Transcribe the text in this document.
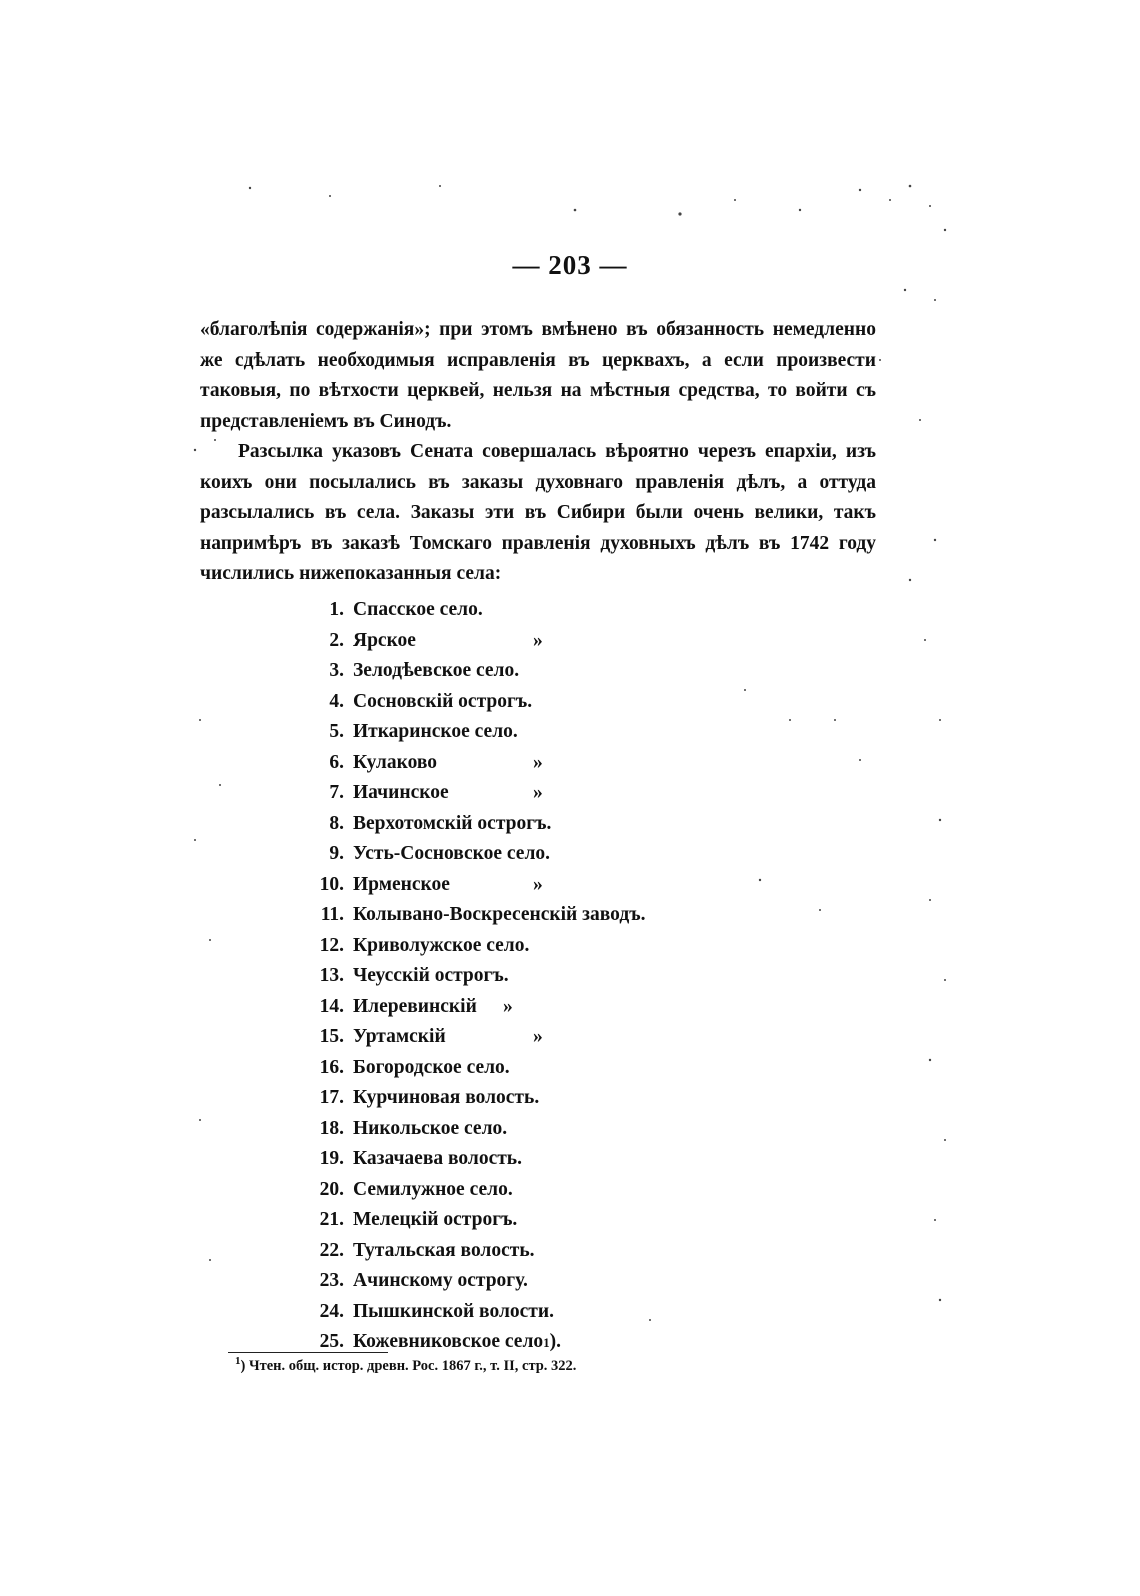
— 203 —

«благолѣпія содержанія»; при этомъ вмѣнено въ обязанность немедленно же сдѣлать необходимыя исправленія въ церквахъ, а если произвести таковыя, по вѣтхости церквей, нельзя на мѣстныя средства, то войти съ представленіемъ въ Синодъ.

Разсылка указовъ Сената совершалась вѣроятно черезъ епархіи, изъ коихъ они посылались въ заказы духовнаго правленія дѣлъ, а оттуда разсылались въ села. Заказы эти въ Сибири были очень велики, такъ напримѣръ въ заказѣ Томскаго правленія духовныхъ дѣлъ въ 1742 году числились нижепоказанныя села:

1. Спасское село.
2. Ярское	»
3. Зелодѣевское село.
4. Сосновскій острогъ.
5. Иткаринское село.
6. Кулаково	»
7. Иачинское	»
8. Верхотомскій острогъ.
9. Усть-Сосновское село.
10. Ирменское	»
11. Колывано-Воскресенскій заводъ.
12. Криволужское село.
13. Чеусскій острогъ.
14. Илеревинскій	»
15. Уртамскій	»
16. Богородское село.
17. Курчиновая волость.
18. Никольское село.
19. Казачаева волость.
20. Семилужное село.
21. Мелецкій острогъ.
22. Тутальская волость.
23. Ачинскому острогу.
24. Пышкинской волости.
25. Кожевниковское село 1 ).
$^1$) Чтен. общ. истор. древн. Рос. 1867 г., т. II, стр. 322.
